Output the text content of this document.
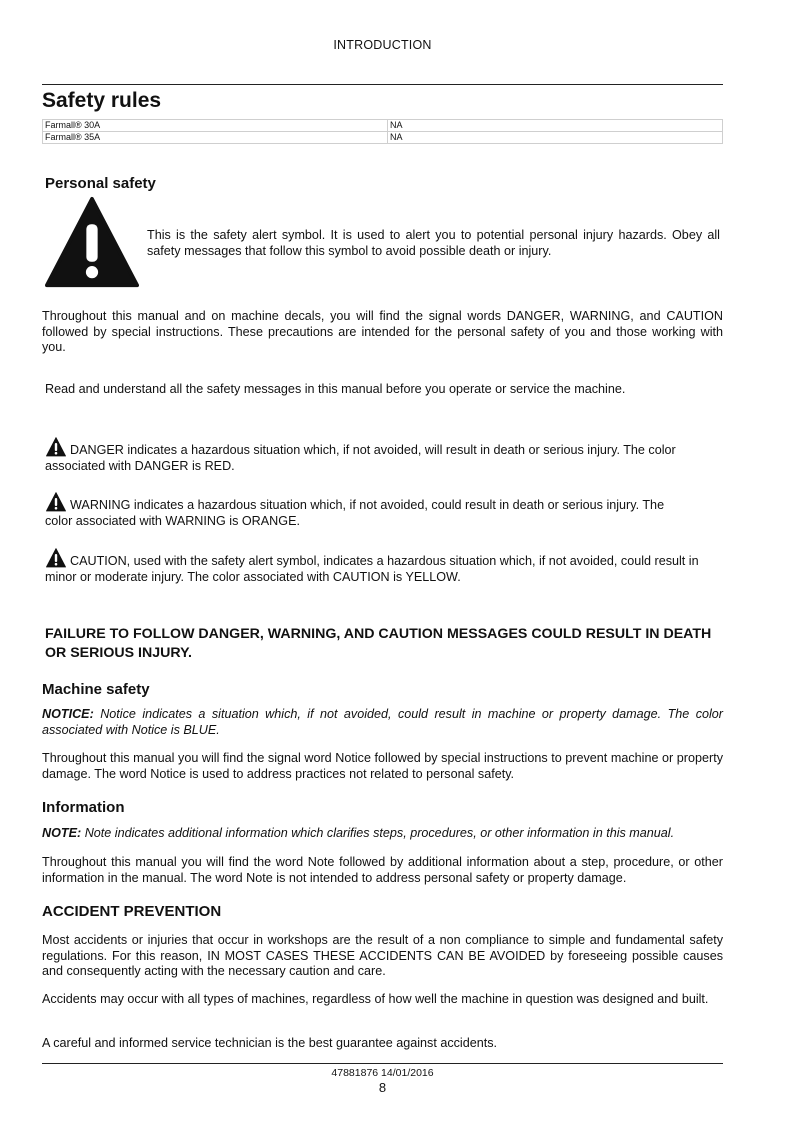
INTRODUCTION
Safety rules
Farmall® 30A	NA
Farmall® 35A	NA
Personal safety

This is the safety alert symbol. It is used to alert you to potential personal injury hazards. Obey all safety messages that follow this symbol to avoid possible death or injury.

Throughout this manual and on machine decals, you will find the signal words DANGER, WARNING, and CAUTION followed by special instructions. These precautions are intended for the personal safety of you and those working with you.

Read and understand all the safety messages in this manual before you operate or service the machine.

DANGER indicates a hazardous situation which, if not avoided, will result in death or serious injury. The color associated with DANGER is RED.

WARNING indicates a hazardous situation which, if not avoided, could result in death or serious injury. The color associated with WARNING is ORANGE.

CAUTION, used with the safety alert symbol, indicates a hazardous situation which, if not avoided, could result in minor or moderate injury. The color associated with CAUTION is YELLOW.

FAILURE TO FOLLOW DANGER, WARNING, AND CAUTION MESSAGES COULD RESULT IN DEATH OR SERIOUS INJURY.

Machine safety

NOTICE: Notice indicates a situation which, if not avoided, could result in machine or property damage. The color associated with Notice is BLUE.

Throughout this manual you will find the signal word Notice followed by special instructions to prevent machine or property damage. The word Notice is used to address practices not related to personal safety.

Information

NOTE: Note indicates additional information which clarifies steps, procedures, or other information in this manual.

Throughout this manual you will find the word Note followed by additional information about a step, procedure, or other information in the manual. The word Note is not intended to address personal safety or property damage.

ACCIDENT PREVENTION

Most accidents or injuries that occur in workshops are the result of a non compliance to simple and fundamental safety regulations. For this reason, IN MOST CASES THESE ACCIDENTS CAN BE AVOIDED by foreseeing possible causes and consequently acting with the necessary caution and care.

Accidents may occur with all types of machines, regardless of how well the machine in question was designed and built.

A careful and informed service technician is the best guarantee against accidents.

47881876 14/01/2016
8
